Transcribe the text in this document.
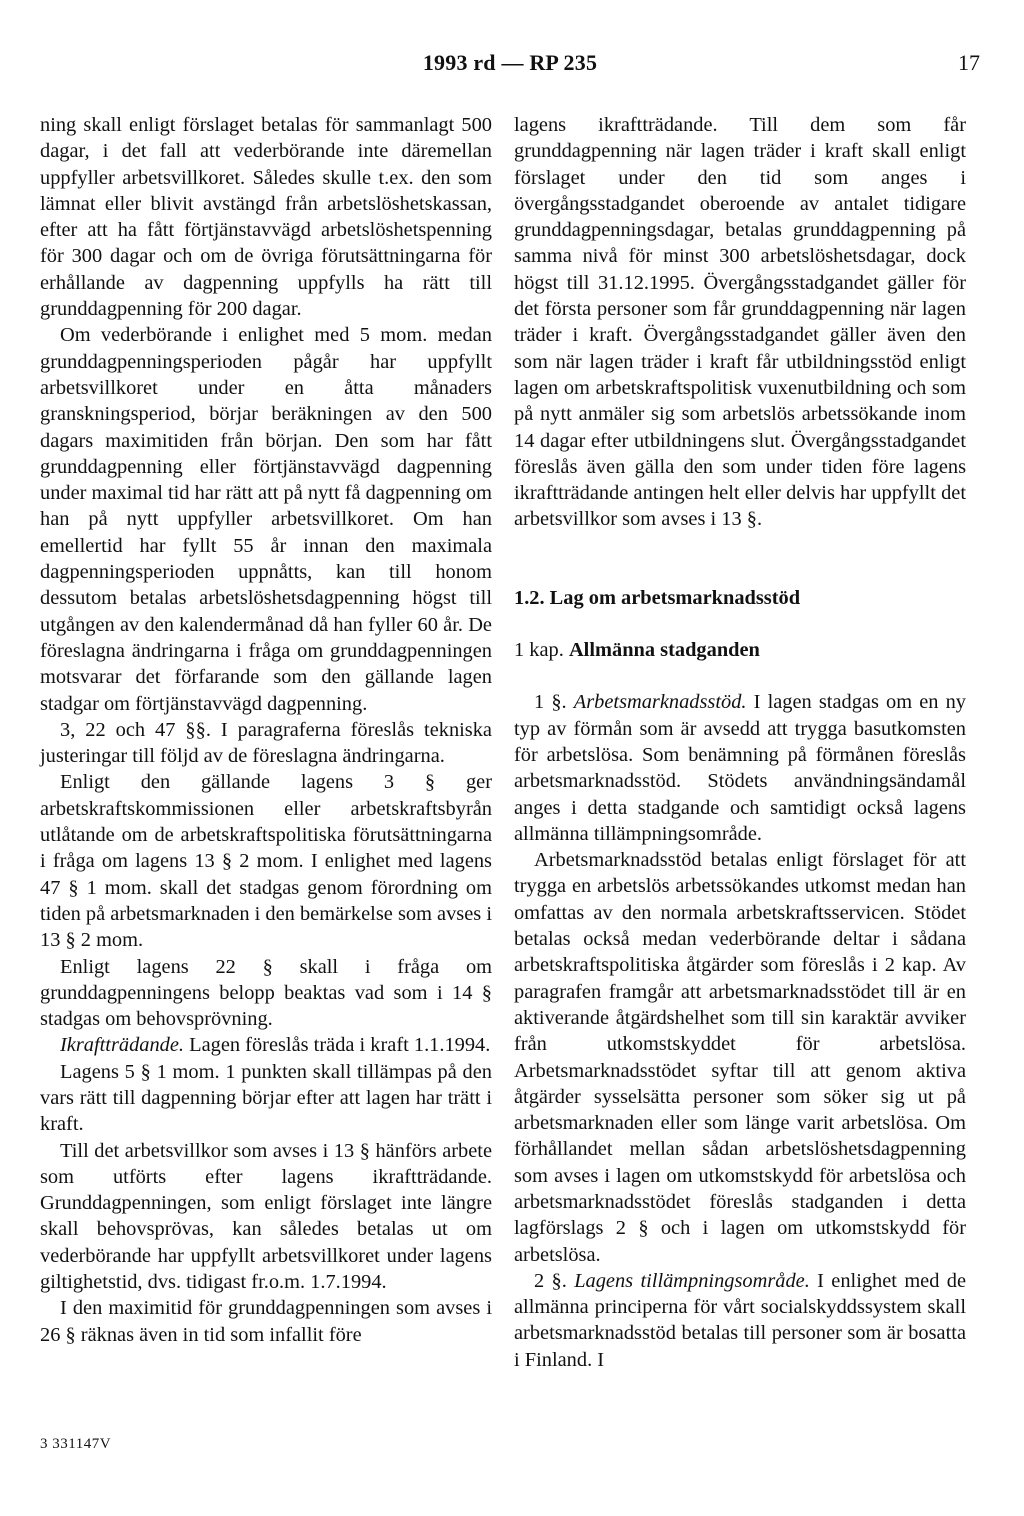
1993 rd — RP 235	17

ning skall enligt förslaget betalas för sammanlagt 500 dagar, i det fall att vederbörande inte däremellan uppfyller arbetsvillkoret. Således skulle t.ex. den som lämnat eller blivit avstängd från arbetslöshetskassan, efter att ha fått förtjänstavvägd arbetslöshetspenning för 300 dagar och om de övriga förutsättningarna för erhållande av dagpenning uppfylls ha rätt till grunddagpenning för 200 dagar.

Om vederbörande i enlighet med 5 mom. medan grunddagpenningsperioden pågår har uppfyllt arbetsvillkoret under en åtta månaders granskningsperiod, börjar beräkningen av den 500 dagars maximitiden från början. Den som har fått grunddagpenning eller förtjänstavvägd dagpenning under maximal tid har rätt att på nytt få dagpenning om han på nytt uppfyller arbetsvillkoret. Om han emellertid har fyllt 55 år innan den maximala dagpenningsperioden uppnåtts, kan till honom dessutom betalas arbetslöshetsdagpenning högst till utgången av den kalendermånad då han fyller 60 år. De föreslagna ändringarna i fråga om grunddagpenningen motsvarar det förfarande som den gällande lagen stadgar om förtjänstavvägd dagpenning.

3, 22 och 47 §§. I paragraferna föreslås tekniska justeringar till följd av de föreslagna ändringarna.

Enligt den gällande lagens 3 § ger arbetskraftskommissionen eller arbetskraftsbyrån utlåtande om de arbetskraftspolitiska förutsättningarna i fråga om lagens 13 § 2 mom. I enlighet med lagens 47 § 1 mom. skall det stadgas genom förordning om tiden på arbetsmarknaden i den bemärkelse som avses i 13 § 2 mom.

Enligt lagens 22 § skall i fråga om grunddagpenningens belopp beaktas vad som i 14 § stadgas om behovsprövning.

Ikraftträdande. Lagen föreslås träda i kraft 1.1.1994.

Lagens 5 § 1 mom. 1 punkten skall tillämpas på den vars rätt till dagpenning börjar efter att lagen har trätt i kraft.

Till det arbetsvillkor som avses i 13 § hänförs arbete som utförts efter lagens ikraftträdande. Grunddagpenningen, som enligt förslaget inte längre skall behovsprövas, kan således betalas ut om vederbörande har uppfyllt arbetsvillkoret under lagens giltighetstid, dvs. tidigast fr.o.m. 1.7.1994.

I den maximitid för grunddagpenningen som avses i 26 § räknas även in tid som infallit före

lagens ikraftträdande. Till dem som får grunddagpenning när lagen träder i kraft skall enligt förslaget under den tid som anges i övergångsstadgandet oberoende av antalet tidigare grunddagpenningsdagar, betalas grunddagpenning på samma nivå för minst 300 arbetslöshetsdagar, dock högst till 31.12.1995. Övergångsstadgandet gäller för det första personer som får grunddagpenning när lagen träder i kraft. Övergångsstadgandet gäller även den som när lagen träder i kraft får utbildningsstöd enligt lagen om arbetskraftspolitisk vuxenutbildning och som på nytt anmäler sig som arbetslös arbetssökande inom 14 dagar efter utbildningens slut. Övergångsstadgandet föreslås även gälla den som under tiden före lagens ikraftträdande antingen helt eller delvis har uppfyllt det arbetsvillkor som avses i 13 §.

1.2. Lag om arbetsmarknadsstöd

1 kap. Allmänna stadganden

1 §. Arbetsmarknadsstöd. I lagen stadgas om en ny typ av förmån som är avsedd att trygga basutkomsten för arbetslösa. Som benämning på förmånen föreslås arbetsmarknadsstöd. Stödets användningsändamål anges i detta stadgande och samtidigt också lagens allmänna tillämpningsområde.

Arbetsmarknadsstöd betalas enligt förslaget för att trygga en arbetslös arbetssökandes utkomst medan han omfattas av den normala arbetskraftsservicen. Stödet betalas också medan vederbörande deltar i sådana arbetskraftspolitiska åtgärder som föreslås i 2 kap. Av paragrafen framgår att arbetsmarknadsstödet till är en aktiverande åtgärdshelhet som till sin karaktär avviker från utkomstskyddet för arbetslösa. Arbetsmarknadsstödet syftar till att genom aktiva åtgärder sysselsätta personer som söker sig ut på arbetsmarknaden eller som länge varit arbetslösa. Om förhållandet mellan sådan arbetslöshetsdagpenning som avses i lagen om utkomstskydd för arbetslösa och arbetsmarknadsstödet föreslås stadganden i detta lagförslags 2 § och i lagen om utkomstskydd för arbetslösa.

2 §. Lagens tillämpningsområde. I enlighet med de allmänna principerna för vårt socialskyddssystem skall arbetsmarknadsstöd betalas till personer som är bosatta i Finland. I

3 331147V
